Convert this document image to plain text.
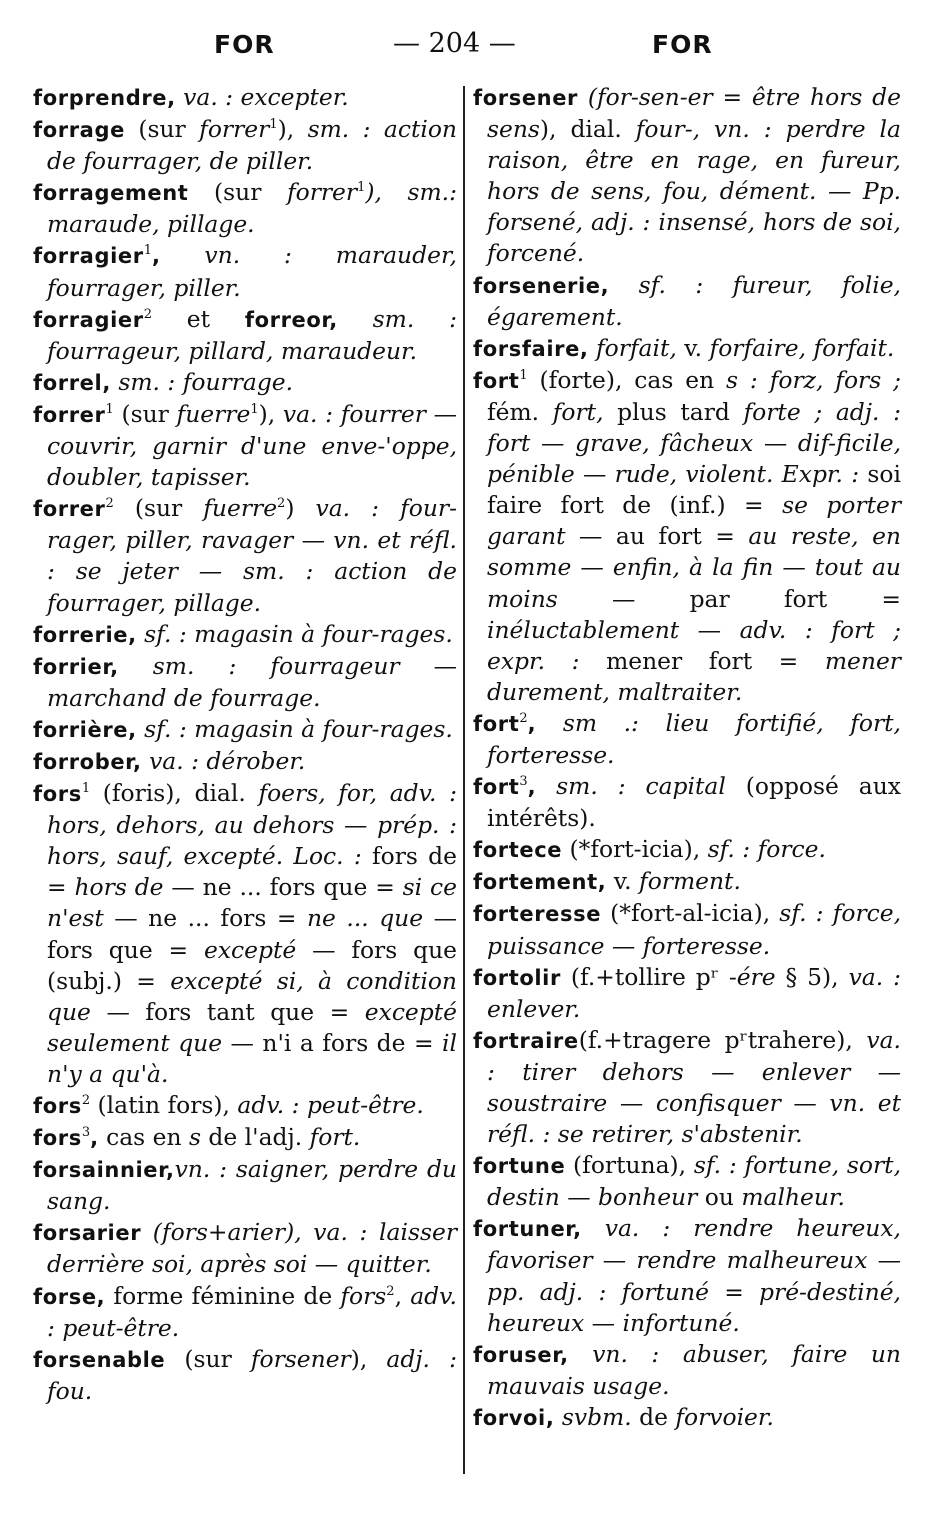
FOR	— 204 —	FOR

forprendre, va. : excepter.

forrage (sur forrer$^1$), sm. : action de fourrager, de piller.

forragement (sur forrer$^1$), sm.: maraude, pillage.

forragier$^1$, vn. : marauder, fourrager, piller.

forragier$^2$ et forreor, sm. : fourrageur, pillard, maraudeur.

forrel, sm. : fourrage.

forrer$^1$ (sur fuerre$^1$), va. : fourrer — couvrir, garnir d'une enve-'oppe, doubler, tapisser.

forrer$^2$ (sur fuerre$^2$) va. : four-rager, piller, ravager — vn. et réfl. : se jeter — sm. : action de fourrager, pillage.

forrerie, sf. : magasin à four-rages.

forrier, sm. : fourrageur — marchand de fourrage.

forrière, sf. : magasin à four-rages.

forrober, va. : dérober.

fors$^1$ (foris), dial. foers, for, adv. : hors, dehors, au dehors — prép. : hors, sauf, excepté. Loc. : fors de = hors de — ne ... fors que = si ce n'est — ne ... fors = ne ... que — fors que = excepté — fors que (subj.) = excepté si, à condition que — fors tant que = excepté seulement que — n'i a fors de = il n'y a qu'à.

fors$^2$ (latin fors), adv. : peut-être.

fors$^3$, cas en s de l'adj. fort.

forsainnier,vn. : saigner, perdre du sang.

forsarier (fors+arier), va. : laisser derrière soi, après soi — quitter.

forse, forme féminine de fors$^2$, adv. : peut-être.

forsenable (sur forsener), adj. : fou.

forsener (for-sen-er = être hors de sens), dial. four-, vn. : perdre la raison, être en rage, en fureur, hors de sens, fou, dément. — Pp. forsené, adj. : insensé, hors de soi, forcené.

forsenerie, sf. : fureur, folie, égarement.

forsfaire, forfait, v. forfaire, forfait.

fort$^1$ (forte), cas en s : forz, fors ; fém. fort, plus tard forte ; adj. : fort — grave, fâcheux — dif-ficile, pénible — rude, violent. Expr. : soi faire fort de (inf.) = se porter garant — au fort = au reste, en somme — enfin, à la fin — tout au moins — par fort = inéluctablement — adv. : fort ; expr. : mener fort = mener durement, maltraiter.

fort$^2$, sm .: lieu fortifié, fort, forteresse.

fort$^3$, sm. : capital (opposé aux intérêts).

fortece (*fort-icia), sf. : force.

fortement, v. forment.

forteresse (*fort-al-icia), sf. : force, puissance — forteresse.

fortolir (f.+tollire pʳ -ére § 5), va. : enlever.

fortraire(f.+tragere pʳtrahere), va. : tirer dehors — enlever — soustraire — confisquer — vn. et réfl. : se retirer, s'abstenir.

fortune (fortuna), sf. : fortune, sort, destin — bonheur ou malheur.

fortuner, va. : rendre heureux, favoriser — rendre malheureux — pp. adj. : fortuné = pré-destiné, heureux — infortuné.

foruser, vn. : abuser, faire un mauvais usage.

forvoi, svbm. de forvoier.
